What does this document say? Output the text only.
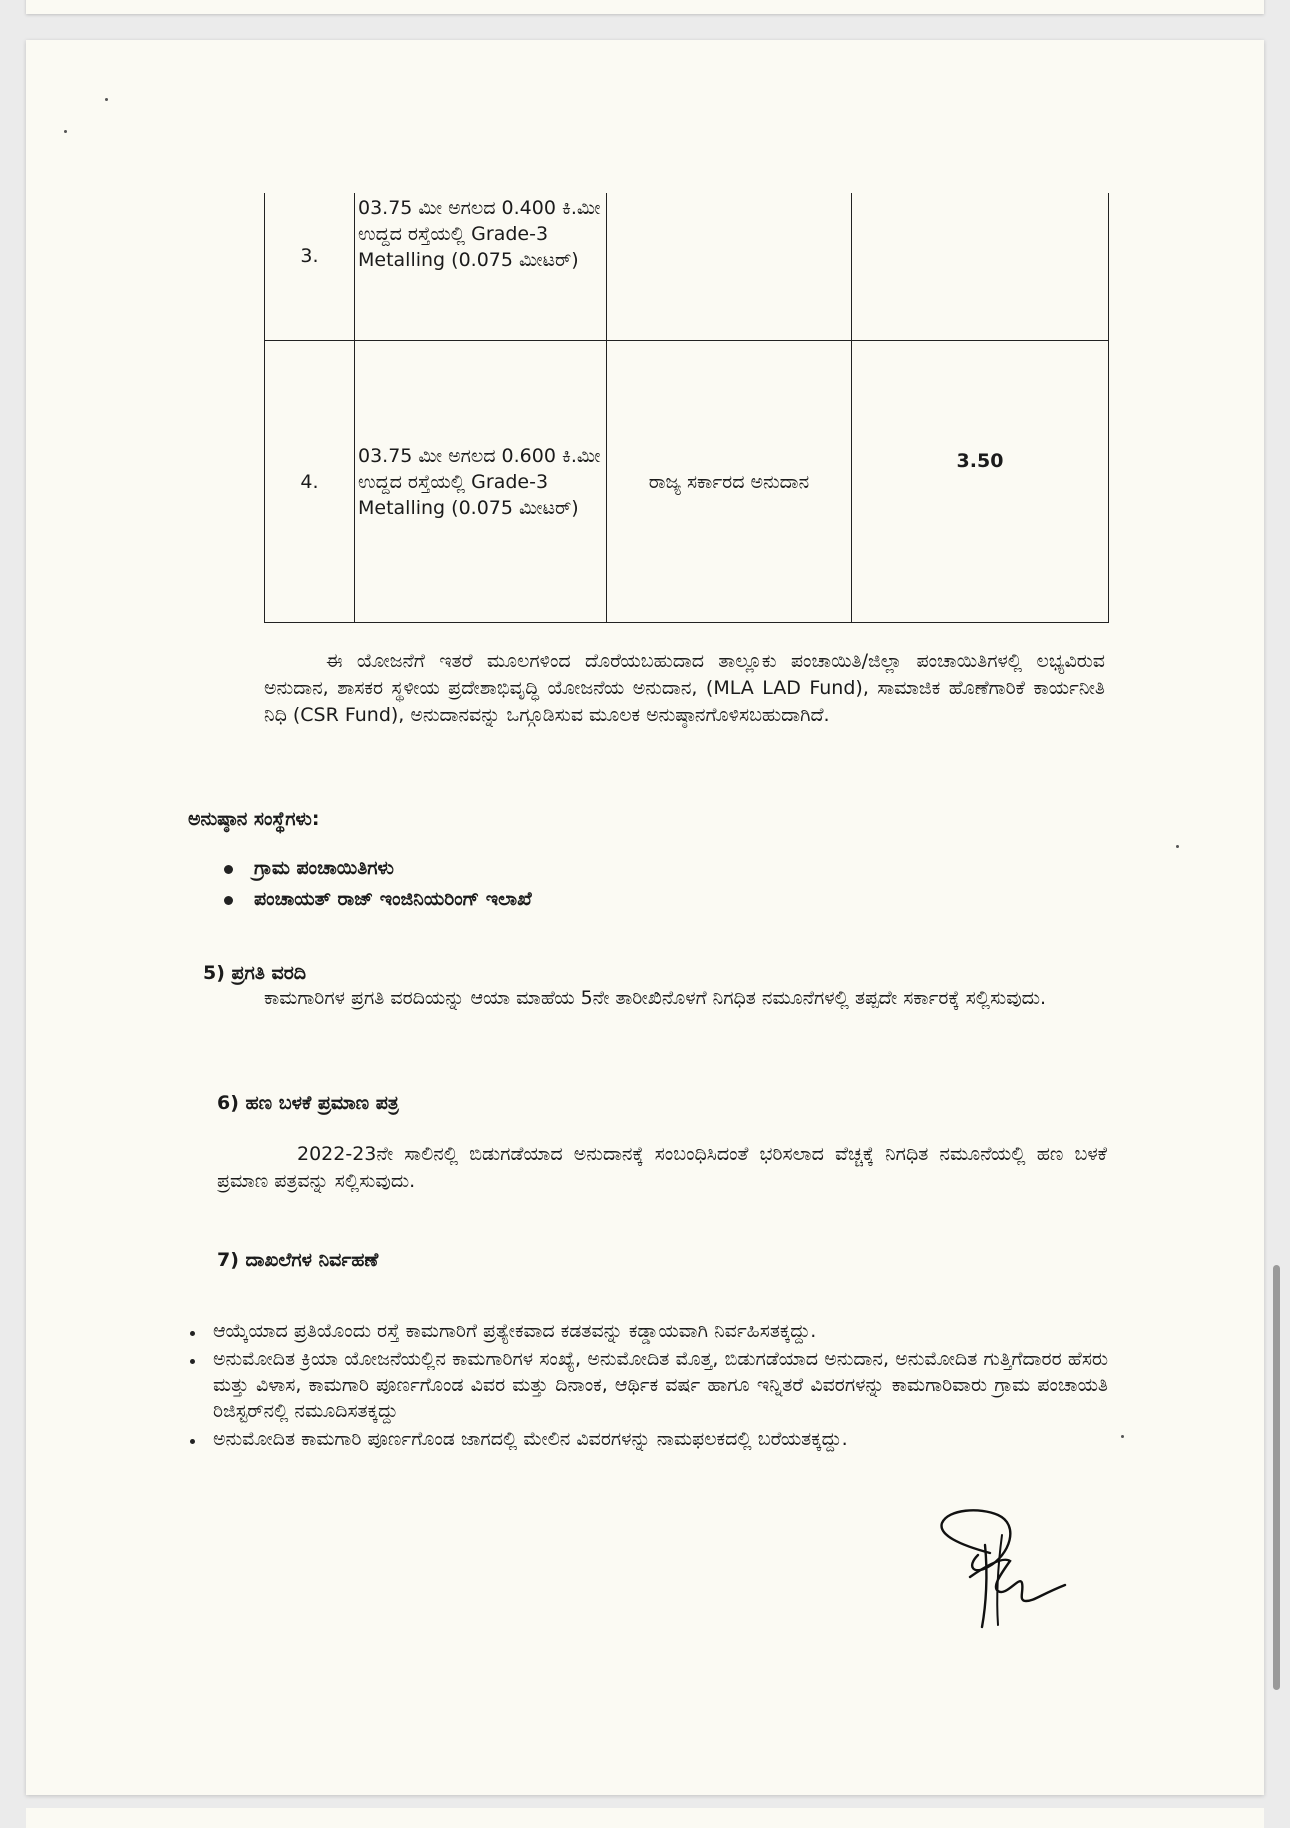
3.	03.75 ಮೀ ಅಗಲದ 0.400 ಕಿ.ಮೀ ಉದ್ದದ ರಸ್ತೆಯಲ್ಲಿ Grade-3 Metalling (0.075 ಮೀಟರ್)		
4.	03.75 ಮೀ ಅಗಲದ 0.600 ಕಿ.ಮೀ ಉದ್ದದ ರಸ್ತೆಯಲ್ಲಿ Grade-3 Metalling (0.075 ಮೀಟರ್)	ರಾಜ್ಯ ಸರ್ಕಾರದ ಅನುದಾನ	3.50
ಈ ಯೋಜನೆಗೆ ಇತರೆ ಮೂಲಗಳಿಂದ ದೊರೆಯಬಹುದಾದ ತಾಲ್ಲೂಕು ಪಂಚಾಯಿತಿ/ಜಿಲ್ಲಾ ಪಂಚಾಯಿತಿಗಳಲ್ಲಿ ಲಭ್ಯವಿರುವ ಅನುದಾನ, ಶಾಸಕರ ಸ್ಥಳೀಯ ಪ್ರದೇಶಾಭಿವೃದ್ಧಿ ಯೋಜನೆಯ ಅನುದಾನ, (MLA LAD Fund), ಸಾಮಾಜಿಕ ಹೊಣೆಗಾರಿಕೆ ಕಾರ್ಯನೀತಿ ನಿಧಿ (CSR Fund), ಅನುದಾನವನ್ನು ಒಗ್ಗೂಡಿಸುವ ಮೂಲಕ ಅನುಷ್ಠಾನಗೊಳಿಸಬಹುದಾಗಿದೆ.
ಅನುಷ್ಠಾನ ಸಂಸ್ಥೆಗಳು:
ಗ್ರಾಮ ಪಂಚಾಯಿತಿಗಳು
ಪಂಚಾಯತ್ ರಾಜ್ ಇಂಜಿನಿಯರಿಂಗ್ ಇಲಾಖೆ
5) ಪ್ರಗತಿ ವರದಿ
ಕಾಮಗಾರಿಗಳ ಪ್ರಗತಿ ವರದಿಯನ್ನು ಆಯಾ ಮಾಹೆಯ 5ನೇ ತಾರೀಖಿನೊಳಗೆ ನಿಗಧಿತ ನಮೂನೆಗಳಲ್ಲಿ ತಪ್ಪದೇ ಸರ್ಕಾರಕ್ಕೆ ಸಲ್ಲಿಸುವುದು.
6) ಹಣ ಬಳಕೆ ಪ್ರಮಾಣ ಪತ್ರ
2022-23ನೇ ಸಾಲಿನಲ್ಲಿ ಬಿಡುಗಡೆಯಾದ ಅನುದಾನಕ್ಕೆ ಸಂಬಂಧಿಸಿದಂತೆ ಭರಿಸಲಾದ ವೆಚ್ಚಕ್ಕೆ ನಿಗಧಿತ ನಮೂನೆಯಲ್ಲಿ ಹಣ ಬಳಕೆ ಪ್ರಮಾಣ ಪತ್ರವನ್ನು ಸಲ್ಲಿಸುವುದು.
7) ದಾಖಲೆಗಳ ನಿರ್ವಹಣೆ
ಆಯ್ಕೆಯಾದ ಪ್ರತಿಯೊಂದು ರಸ್ತೆ ಕಾಮಗಾರಿಗೆ ಪ್ರತ್ಯೇಕವಾದ ಕಡತವನ್ನು ಕಡ್ಡಾಯವಾಗಿ ನಿರ್ವಹಿಸತಕ್ಕದ್ದು.
ಅನುಮೋದಿತ ಕ್ರಿಯಾ ಯೋಜನೆಯಲ್ಲಿನ ಕಾಮಗಾರಿಗಳ ಸಂಖ್ಯೆ, ಅನುಮೋದಿತ ಮೊತ್ತ, ಬಿಡುಗಡೆಯಾದ ಅನುದಾನ, ಅನುಮೋದಿತ ಗುತ್ತಿಗೆದಾರರ ಹೆಸರು ಮತ್ತು ವಿಳಾಸ, ಕಾಮಗಾರಿ ಪೂರ್ಣಗೊಂಡ ವಿವರ ಮತ್ತು ದಿನಾಂಕ, ಆರ್ಥಿಕ ವರ್ಷ ಹಾಗೂ ಇನ್ನಿತರೆ ವಿವರಗಳನ್ನು ಕಾಮಗಾರಿವಾರು ಗ್ರಾಮ ಪಂಚಾಯತಿ ರಿಜಿಸ್ಟರ್‌ನಲ್ಲಿ ನಮೂದಿಸತಕ್ಕದ್ದು
ಅನುಮೋದಿತ ಕಾಮಗಾರಿ ಪೂರ್ಣಗೊಂಡ ಜಾಗದಲ್ಲಿ ಮೇಲಿನ ವಿವರಗಳನ್ನು ನಾಮಫಲಕದಲ್ಲಿ ಬರೆಯತಕ್ಕದ್ದು.
